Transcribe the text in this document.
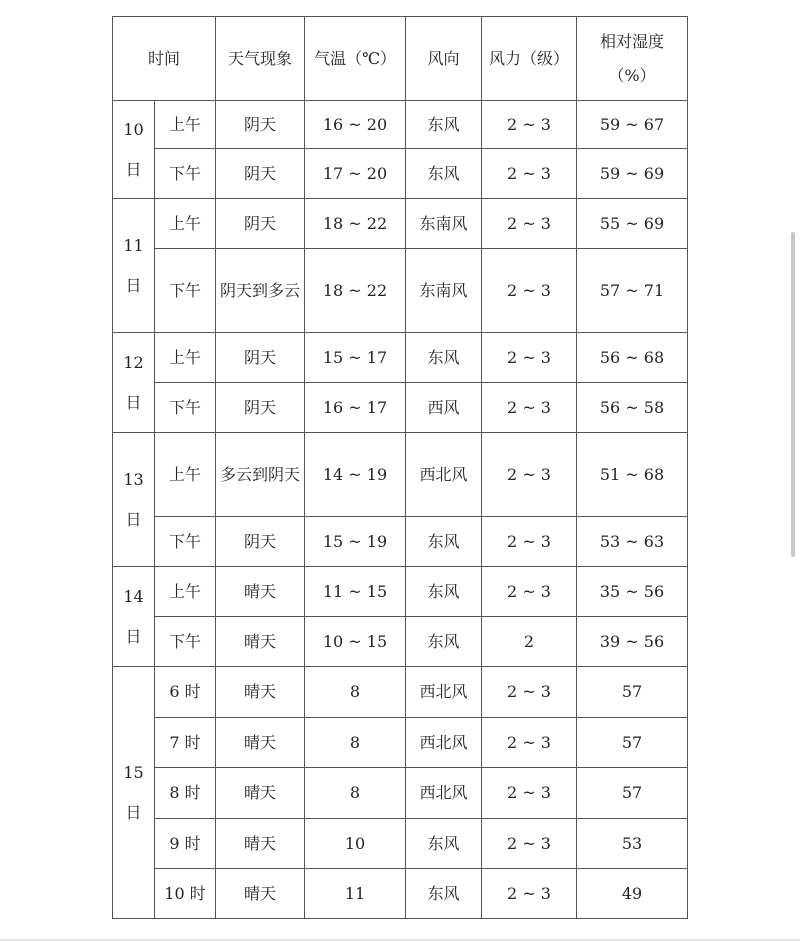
时间		天气现象	气温（℃）	风向	风力（级）	相对湿度
（%）
10日	上午	阴天	16 ~ 20	东风	2 ~ 3	59 ~ 67
	下午	阴天	17 ~ 20	东风	2 ~ 3	59 ~ 69
11日	上午	阴天	18 ~ 22	东南风	2 ~ 3	55 ~ 69
	下午	阴天到多云	18 ~ 22	东南风	2 ~ 3	57 ~ 71
12日	上午	阴天	15 ~ 17	东风	2 ~ 3	56 ~ 68
	下午	阴天	16 ~ 17	西风	2 ~ 3	56 ~ 58
13日	上午	多云到阴天	14 ~ 19	西北风	2 ~ 3	51 ~ 68
	下午	阴天	15 ~ 19	东风	2 ~ 3	53 ~ 63
14日	上午	晴天	11 ~ 15	东风	2 ~ 3	35 ~ 56
	下午	晴天	10 ~ 15	东风	2	39 ~ 56
15日	6 时	晴天	8	西北风	2 ~ 3	57
	7 时	晴天	8	西北风	2 ~ 3	57
	8 时	晴天	8	西北风	2 ~ 3	57
	9 时	晴天	10	东风	2 ~ 3	53
	10 时	晴天	11	东风	2 ~ 3	49
